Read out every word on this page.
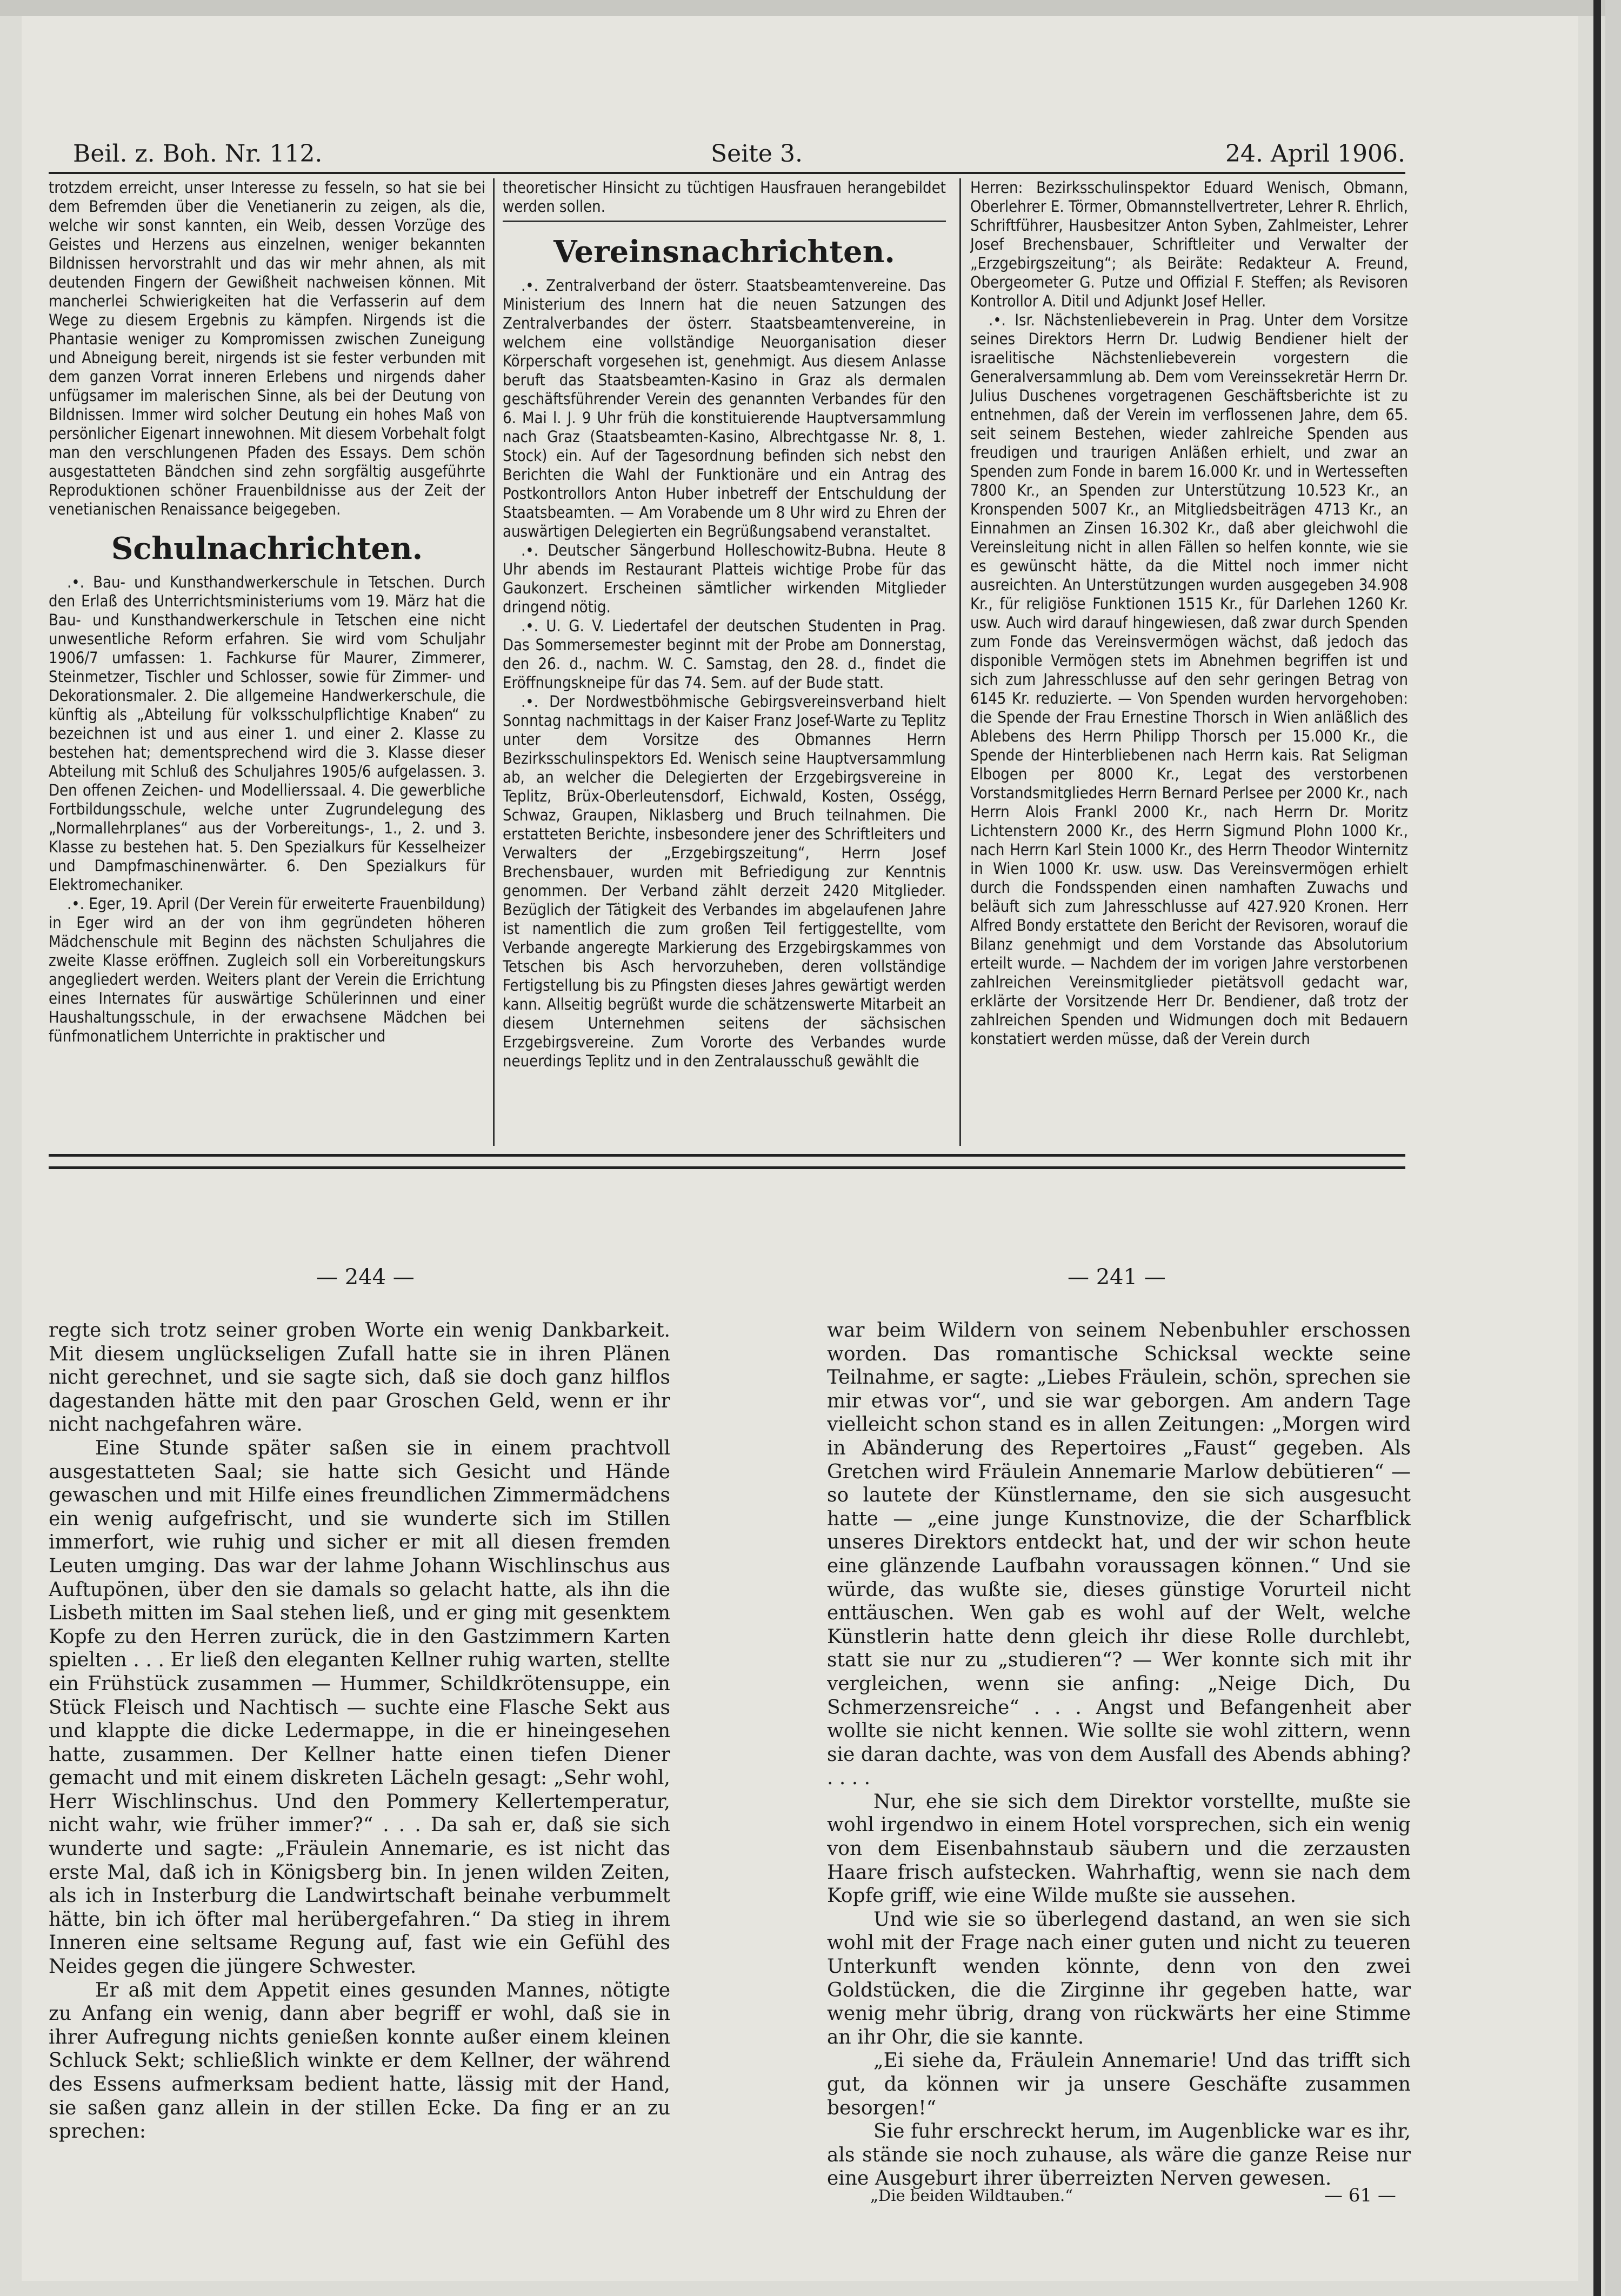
Beil. z. Boh. Nr. 112.	Seite 3.	24. April 1906.

trotzdem erreicht, unser Interesse zu fesseln, so hat sie bei dem Befremden über die Venetianerin zu zeigen, als die, welche wir sonst kannten, ein Weib, dessen Vorzüge des Geistes und Herzens aus einzelnen, weniger bekannten Bildnissen hervorstrahlt und das wir mehr ahnen, als mit deutenden Fingern der Gewißheit nachweisen können. Mit mancherlei Schwierigkeiten hat die Verfasserin auf dem Wege zu diesem Ergebnis zu kämpfen. Nirgends ist die Phantasie weniger zu Kompromissen zwischen Zuneigung und Abneigung bereit, nirgends ist sie fester verbunden mit dem ganzen Vorrat inneren Erlebens und nirgends daher unfügsamer im malerischen Sinne, als bei der Deutung von Bildnissen. Immer wird solcher Deutung ein hohes Maß von persönlicher Eigenart innewohnen. Mit diesem Vorbehalt folgt man den verschlungenen Pfaden des Essays. Dem schön ausgestatteten Bändchen sind zehn sorgfältig ausgeführte Reproduktionen schöner Frauenbildnisse aus der Zeit der venetianischen Renaissance beigegeben.

Schulnachrichten.

.•. Bau- und Kunsthandwerkerschule in Tetschen. Durch den Erlaß des Unterrichtsministeriums vom 19. März hat die Bau- und Kunsthandwerkerschule in Tetschen eine nicht unwesentliche Reform erfahren. Sie wird vom Schuljahr 1906/7 umfassen: 1. Fachkurse für Maurer, Zimmerer, Steinmetzer, Tischler und Schlosser, sowie für Zimmer- und Dekorationsmaler. 2. Die allgemeine Handwerkerschule, die künftig als „Abteilung für volksschulpflichtige Knaben“ zu bezeichnen ist und aus einer 1. und einer 2. Klasse zu bestehen hat; dementsprechend wird die 3. Klasse dieser Abteilung mit Schluß des Schuljahres 1905/6 aufgelassen. 3. Den offenen Zeichen- und Modellierssaal. 4. Die gewerbliche Fortbildungsschule, welche unter Zugrundelegung des „Normallehrplanes“ aus der Vorbereitungs-, 1., 2. und 3. Klasse zu bestehen hat. 5. Den Spezialkurs für Kesselheizer und Dampfmaschinenwärter. 6. Den Spezialkurs für Elektromechaniker.

.•. Eger, 19. April (Der Verein für erweiterte Frauenbildung) in Eger wird an der von ihm gegründeten höheren Mädchenschule mit Beginn des nächsten Schuljahres die zweite Klasse eröffnen. Zugleich soll ein Vorbereitungskurs angegliedert werden. Weiters plant der Verein die Errichtung eines Internates für auswärtige Schülerinnen und einer Haushaltungsschule, in der erwachsene Mädchen bei fünfmonatlichem Unterrichte in praktischer und

theoretischer Hinsicht zu tüchtigen Hausfrauen herangebildet werden sollen.

Vereinsnachrichten.

.•. Zentralverband der österr. Staatsbeamtenvereine. Das Ministerium des Innern hat die neuen Satzungen des Zentralverbandes der österr. Staatsbeamtenvereine, in welchem eine vollständige Neuorganisation dieser Körperschaft vorgesehen ist, genehmigt. Aus diesem Anlasse beruft das Staatsbeamten-Kasino in Graz als dermalen geschäftsführender Verein des genannten Verbandes für den 6. Mai l. J. 9 Uhr früh die konstituierende Hauptversammlung nach Graz (Staatsbeamten-Kasino, Albrechtgasse Nr. 8, 1. Stock) ein. Auf der Tagesordnung befinden sich nebst den Berichten die Wahl der Funktionäre und ein Antrag des Postkontrollors Anton Huber inbetreff der Entschuldung der Staatsbeamten. — Am Vorabende um 8 Uhr wird zu Ehren der auswärtigen Delegierten ein Begrüßungsabend veranstaltet.

.•. Deutscher Sängerbund Holleschowitz-Bubna. Heute 8 Uhr abends im Restaurant Platteis wichtige Probe für das Gaukonzert. Erscheinen sämtlicher wirkenden Mitglieder dringend nötig.

.•. U. G. V. Liedertafel der deutschen Studenten in Prag. Das Sommersemester beginnt mit der Probe am Donnerstag, den 26. d., nachm. W. C. Samstag, den 28. d., findet die Eröffnungskneipe für das 74. Sem. auf der Bude statt.

.•. Der Nordwestböhmische Gebirgsvereinsverband hielt Sonntag nachmittags in der Kaiser Franz Josef-Warte zu Teplitz unter dem Vorsitze des Obmannes Herrn Bezirksschulinspektors Ed. Wenisch seine Hauptversammlung ab, an welcher die Delegierten der Erzgebirgsvereine in Teplitz, Brüx-Oberleutensdorf, Eichwald, Kosten, Osségg, Schwaz, Graupen, Niklasberg und Bruch teilnahmen. Die erstatteten Berichte, insbesondere jener des Schriftleiters und Verwalters der „Erzgebirgszeitung“, Herrn Josef Brechensbauer, wurden mit Befriedigung zur Kenntnis genommen. Der Verband zählt derzeit 2420 Mitglieder. Bezüglich der Tätigkeit des Verbandes im abgelaufenen Jahre ist namentlich die zum großen Teil fertiggestellte, vom Verbande angeregte Markierung des Erzgebirgskammes von Tetschen bis Asch hervorzuheben, deren vollständige Fertigstellung bis zu Pfingsten dieses Jahres gewärtigt werden kann. Allseitig begrüßt wurde die schätzenswerte Mitarbeit an diesem Unternehmen seitens der sächsischen Erzgebirgsvereine. Zum Vororte des Verbandes wurde neuerdings Teplitz und in den Zentralausschuß gewählt die

Herren: Bezirksschulinspektor Eduard Wenisch, Obmann, Oberlehrer E. Törmer, Obmannstellvertreter, Lehrer R. Ehrlich, Schriftführer, Hausbesitzer Anton Syben, Zahlmeister, Lehrer Josef Brechensbauer, Schriftleiter und Verwalter der „Erzgebirgszeitung“; als Beiräte: Redakteur A. Freund, Obergeometer G. Putze und Offizial F. Steffen; als Revisoren Kontrollor A. Ditil und Adjunkt Josef Heller.

.•. Isr. Nächstenliebeverein in Prag. Unter dem Vorsitze seines Direktors Herrn Dr. Ludwig Bendiener hielt der israelitische Nächstenliebeverein vorgestern die Generalversammlung ab. Dem vom Vereinssekretär Herrn Dr. Julius Duschenes vorgetragenen Geschäftsberichte ist zu entnehmen, daß der Verein im verflossenen Jahre, dem 65. seit seinem Bestehen, wieder zahlreiche Spenden aus freudigen und traurigen Anläßen erhielt, und zwar an Spenden zum Fonde in barem 16.000 Kr. und in Wertesseften 7800 Kr., an Spenden zur Unterstützung 10.523 Kr., an Kronspenden 5007 Kr., an Mitgliedsbeiträgen 4713 Kr., an Einnahmen an Zinsen 16.302 Kr., daß aber gleichwohl die Vereinsleitung nicht in allen Fällen so helfen konnte, wie sie es gewünscht hätte, da die Mittel noch immer nicht ausreichten. An Unterstützungen wurden ausgegeben 34.908 Kr., für religiöse Funktionen 1515 Kr., für Darlehen 1260 Kr. usw. Auch wird darauf hingewiesen, daß zwar durch Spenden zum Fonde das Vereinsvermögen wächst, daß jedoch das disponible Vermögen stets im Abnehmen begriffen ist und sich zum Jahresschlusse auf den sehr geringen Betrag von 6145 Kr. reduzierte. — Von Spenden wurden hervorgehoben: die Spende der Frau Ernestine Thorsch in Wien anläßlich des Ablebens des Herrn Philipp Thorsch per 15.000 Kr., die Spende der Hinterbliebenen nach Herrn kais. Rat Seligman Elbogen per 8000 Kr., Legat des verstorbenen Vorstandsmitgliedes Herrn Bernard Perlsee per 2000 Kr., nach Herrn Alois Frankl 2000 Kr., nach Herrn Dr. Moritz Lichtenstern 2000 Kr., des Herrn Sigmund Plohn 1000 Kr., nach Herrn Karl Stein 1000 Kr., des Herrn Theodor Winternitz in Wien 1000 Kr. usw. usw. Das Vereinsvermögen erhielt durch die Fondsspenden einen namhaften Zuwachs und beläuft sich zum Jahresschlusse auf 427.920 Kronen. Herr Alfred Bondy erstattete den Bericht der Revisoren, worauf die Bilanz genehmigt und dem Vorstande das Absolutorium erteilt wurde. — Nachdem der im vorigen Jahre verstorbenen zahlreichen Vereinsmitglieder pietätsvoll gedacht war, erklärte der Vorsitzende Herr Dr. Bendiener, daß trotz der zahlreichen Spenden und Widmungen doch mit Bedauern konstatiert werden müsse, daß der Verein durch

— 244 —	— 241 —

regte sich trotz seiner groben Worte ein wenig Dankbarkeit. Mit diesem unglückseligen Zufall hatte sie in ihren Plänen nicht gerechnet, und sie sagte sich, daß sie doch ganz hilflos dagestanden hätte mit den paar Groschen Geld, wenn er ihr nicht nachgefahren wäre.

Eine Stunde später saßen sie in einem prachtvoll ausgestatteten Saal; sie hatte sich Gesicht und Hände gewaschen und mit Hilfe eines freundlichen Zimmermädchens ein wenig aufgefrischt, und sie wunderte sich im Stillen immerfort, wie ruhig und sicher er mit all diesen fremden Leuten umging. Das war der lahme Johann Wischlinschus aus Auftupönen, über den sie damals so gelacht hatte, als ihn die Lisbeth mitten im Saal stehen ließ, und er ging mit gesenktem Kopfe zu den Herren zurück, die in den Gastzimmern Karten spielten . . . Er ließ den eleganten Kellner ruhig warten, stellte ein Frühstück zusammen — Hummer, Schildkrötensuppe, ein Stück Fleisch und Nachtisch — suchte eine Flasche Sekt aus und klappte die dicke Ledermappe, in die er hineingesehen hatte, zusammen. Der Kellner hatte einen tiefen Diener gemacht und mit einem diskreten Lächeln gesagt: „Sehr wohl, Herr Wischlinschus. Und den Pommery Kellertemperatur, nicht wahr, wie früher immer?“ . . . Da sah er, daß sie sich wunderte und sagte: „Fräulein Annemarie, es ist nicht das erste Mal, daß ich in Königsberg bin. In jenen wilden Zeiten, als ich in Insterburg die Landwirtschaft beinahe verbummelt hätte, bin ich öfter mal herübergefahren.“ Da stieg in ihrem Inneren eine seltsame Regung auf, fast wie ein Gefühl des Neides gegen die jüngere Schwester.

Er aß mit dem Appetit eines gesunden Mannes, nötigte zu Anfang ein wenig, dann aber begriff er wohl, daß sie in ihrer Aufregung nichts genießen konnte außer einem kleinen Schluck Sekt; schließlich winkte er dem Kellner, der während des Essens aufmerksam bedient hatte, lässig mit der Hand, sie saßen ganz allein in der stillen Ecke. Da fing er an zu sprechen:

war beim Wildern von seinem Nebenbuhler erschossen worden. Das romantische Schicksal weckte seine Teilnahme, er sagte: „Liebes Fräulein, schön, sprechen sie mir etwas vor“, und sie war geborgen. Am andern Tage vielleicht schon stand es in allen Zeitungen: „Morgen wird in Abänderung des Repertoires „Faust“ gegeben. Als Gretchen wird Fräulein Annemarie Marlow debütieren“ — so lautete der Künstlername, den sie sich ausgesucht hatte — „eine junge Kunstnovize, die der Scharfblick unseres Direktors entdeckt hat, und der wir schon heute eine glänzende Laufbahn voraussagen können.“ Und sie würde, das wußte sie, dieses günstige Vorurteil nicht enttäuschen. Wen gab es wohl auf der Welt, welche Künstlerin hatte denn gleich ihr diese Rolle durchlebt, statt sie nur zu „studieren“? — Wer konnte sich mit ihr vergleichen, wenn sie anfing: „Neige Dich, Du Schmerzensreiche“ . . . Angst und Befangenheit aber wollte sie nicht kennen. Wie sollte sie wohl zittern, wenn sie daran dachte, was von dem Ausfall des Abends abhing? . . . .

Nur, ehe sie sich dem Direktor vorstellte, mußte sie wohl irgendwo in einem Hotel vorsprechen, sich ein wenig von dem Eisenbahnstaub säubern und die zerzausten Haare frisch aufstecken. Wahrhaftig, wenn sie nach dem Kopfe griff, wie eine Wilde mußte sie aussehen.

Und wie sie so überlegend dastand, an wen sie sich wohl mit der Frage nach einer guten und nicht zu teueren Unterkunft wenden könnte, denn von den zwei Goldstücken, die die Zirginne ihr gegeben hatte, war wenig mehr übrig, drang von rückwärts her eine Stimme an ihr Ohr, die sie kannte.

„Ei siehe da, Fräulein Annemarie! Und das trifft sich gut, da können wir ja unsere Geschäfte zusammen besorgen!“

Sie fuhr erschreckt herum, im Augenblicke war es ihr, als stände sie noch zuhause, als wäre die ganze Reise nur eine Ausgeburt ihrer überreizten Nerven gewesen.

„Die beiden Wildtauben.“	— 61 —
